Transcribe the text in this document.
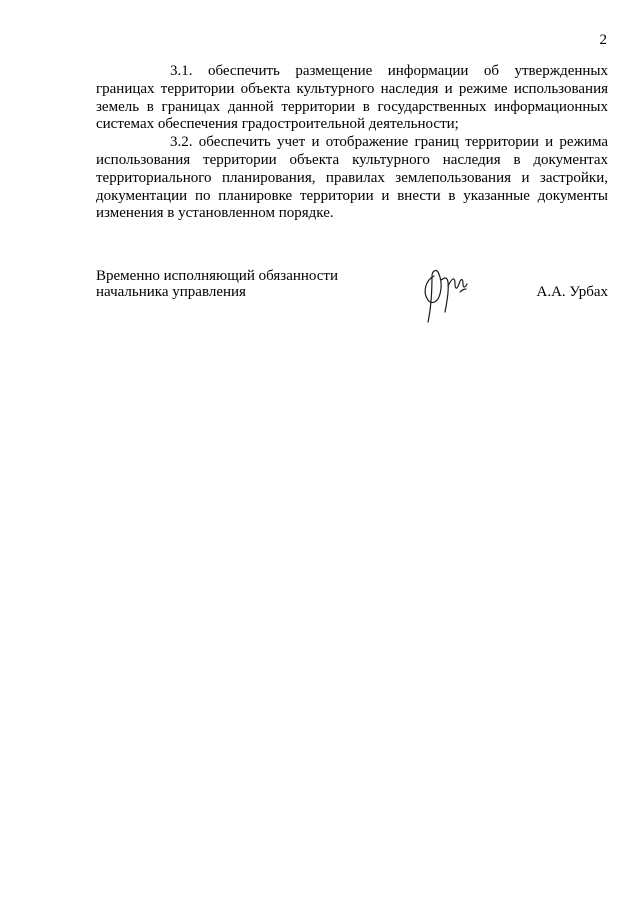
2

3.1. обеспечить размещение информации об утвержденных границах территории объекта культурного наследия и режиме использования земель в границах данной территории в государственных информационных системах обеспечения градостроительной деятельности;

3.2. обеспечить учет и отображение границ территории и режима использования территории объекта культурного наследия в документах территориального планирования, правилах землепользования и застройки, документации по планировке территории и внести в указанные документы изменения в установленном порядке.

Временно исполняющий обязанности
начальника управления	А.А. Урбах
